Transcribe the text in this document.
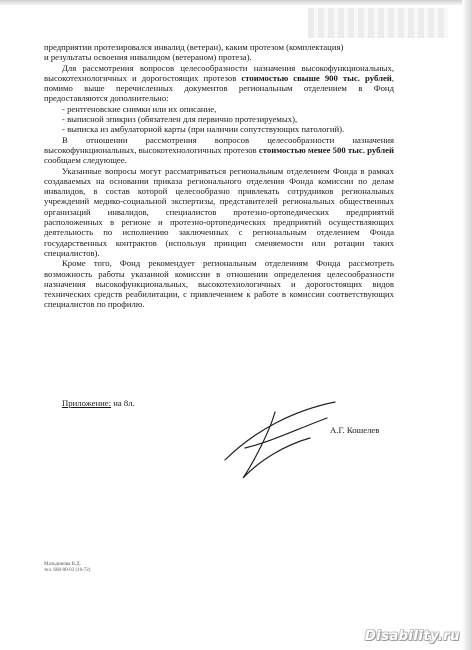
предприятии протезировался инвалид (ветеран), каким протезом (комплектация)

и результаты освоения инвалидом (ветераном) протеза).

Для рассмотрения вопросов целесообразности назначения высокофункциональных, высокотехнологичных и дорогостоящих протезов стоимостью свыше 900 тыс. рублей, помимо выше перечисленных документов региональным отделением в Фонд предоставляются дополнительно:

- рентгеновские снимки или их описание,

- выписной эпикриз (обязателен для первично протезируемых),

- выписка из амбулаторной карты (при наличии сопутствующих патологий).

В отношении рассмотрения вопросов целесообразности назначения высокофункциональных, высокотехнологичных протезов стоимостью менее 500 тыс. рублей сообщаем следующее.

Указанные вопросы могут рассматриваться региональным отделением Фонда в рамках создаваемых на основании приказа регионального отделения Фонда комиссии по делам инвалидов, в состав которой целесообразно привлекать сотрудников региональных учреждений медико-социальной экспертизы, представителей региональных общественных организаций инвалидов, специалистов протезно-ортопедических предприятий расположенных в регионе и протезно-ортопедических предприятий осуществляющих деятельность по исполнению заключенных с региональным отделением Фонда государственных контрактов (используя принцип сменяемости или ротации таких специалистов).

Кроме того, Фонд рекомендует региональным отделениям Фонда рассмотреть возможность работы указанной комиссии в отношении определения целесообразности назначения высокофункциональных, высокотехнологичных и дорогостоящих видов технических средств реабилитации, с привлечением к работе в комиссии соответствующих специалистов по профилю.

Приложение: на 8л.
А.Г. Кошелев
Мальдинова В.Д.
тел. 668-00-03 (16-72)
Disability.ru
